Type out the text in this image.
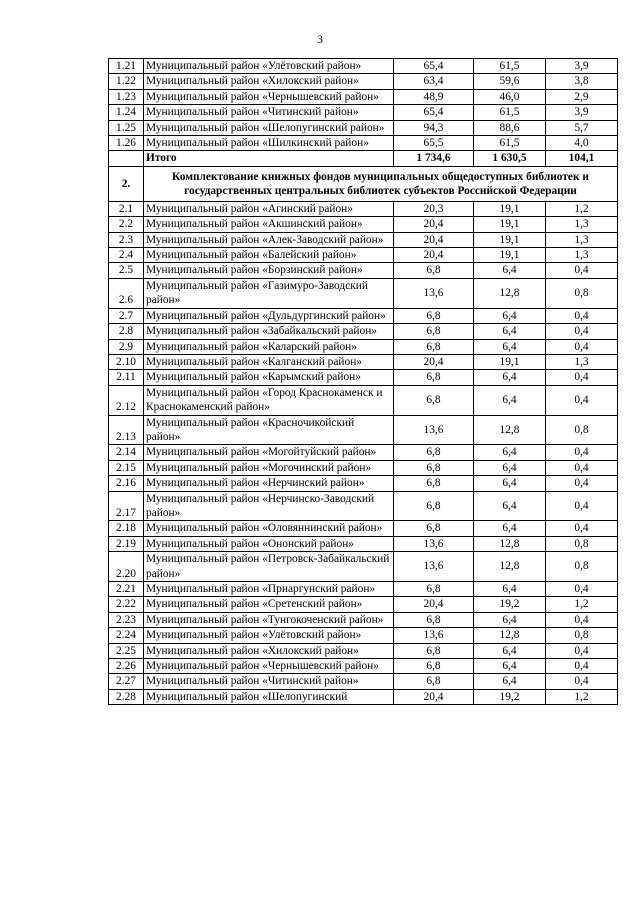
3
1.21	Муниципальный район «Улётовский район»	65,4	61,5	3,9
1.22	Муниципальный район «Хилокский район»	63,4	59,6	3,8
1.23	Муниципальный район «Чернышевский район»	48,9	46,0	2,9
1.24	Муниципальный район «Читинский район»	65,4	61,5	3,9
1.25	Муниципальный район «Шелопугинский район»	94,3	88,6	5,7
1.26	Муниципальный район «Шилкинский район»	65,5	61,5	4,0
	Итого	1 734,6	1 630,5	104,1
2.	Комплектование книжных фондов муниципальных общедоступных библиотек и государственных центральных библиотек субъектов Российской Федерации			
2.1	Муниципальный район «Агинский район»	20,3	19,1	1,2
2.2	Муниципальный район «Акшинский район»	20,4	19,1	1,3
2.3	Муниципальный район «Алек-Заводский район»	20,4	19,1	1,3
2.4	Муниципальный район «Балейский район»	20,4	19,1	1,3
2.5	Муниципальный район «Борзинский район»	6,8	6,4	0,4
2.6	Муниципальный район «Газимуро-Заводский район»	13,6	12,8	0,8
2.7	Муниципальный район «Дульдургинский район»	6,8	6,4	0,4
2.8	Муниципальный район «Забайкальский район»	6,8	6,4	0,4
2.9	Муниципальный район «Каларский район»	6,8	6,4	0,4
2.10	Муниципальный район «Калганский район»	20,4	19,1	1,3
2.11	Муниципальный район «Карымский район»	6,8	6,4	0,4
2.12	Муниципальный район «Город Краснокаменск и Краснокаменский район»	6,8	6,4	0,4
2.13	Муниципальный район «Красночикойский район»	13,6	12,8	0,8
2.14	Муниципальный район «Могойтуйский район»	6,8	6,4	0,4
2.15	Муниципальный район «Могочинский район»	6,8	6,4	0,4
2.16	Муниципальный район «Нерчинский район»	6,8	6,4	0,4
2.17	Муниципальный район «Нерчинско-Заводский район»	6,8	6,4	0,4
2.18	Муниципальный район «Оловяннинский район»	6,8	6,4	0,4
2.19	Муниципальный район «Ононский район»	13,6	12,8	0,8
2.20	Муниципальный район «Петровск-Забайкальский район»	13,6	12,8	0,8
2.21	Муниципальный район «Приаргунский район»	6,8	6,4	0,4
2.22	Муниципальный район «Сретенский район»	20,4	19,2	1,2
2.23	Муниципальный район «Тунгокоченский район»	6,8	6,4	0,4
2.24	Муниципальный район «Улётовский район»	13,6	12,8	0,8
2.25	Муниципальный район «Хилокский район»	6,8	6,4	0,4
2.26	Муниципальный район «Чернышевский район»	6,8	6,4	0,4
2.27	Муниципальный район «Читинский район»	6,8	6,4	0,4
2.28	Муниципальный район «Шелопугинский	20,4	19,2	1,2
